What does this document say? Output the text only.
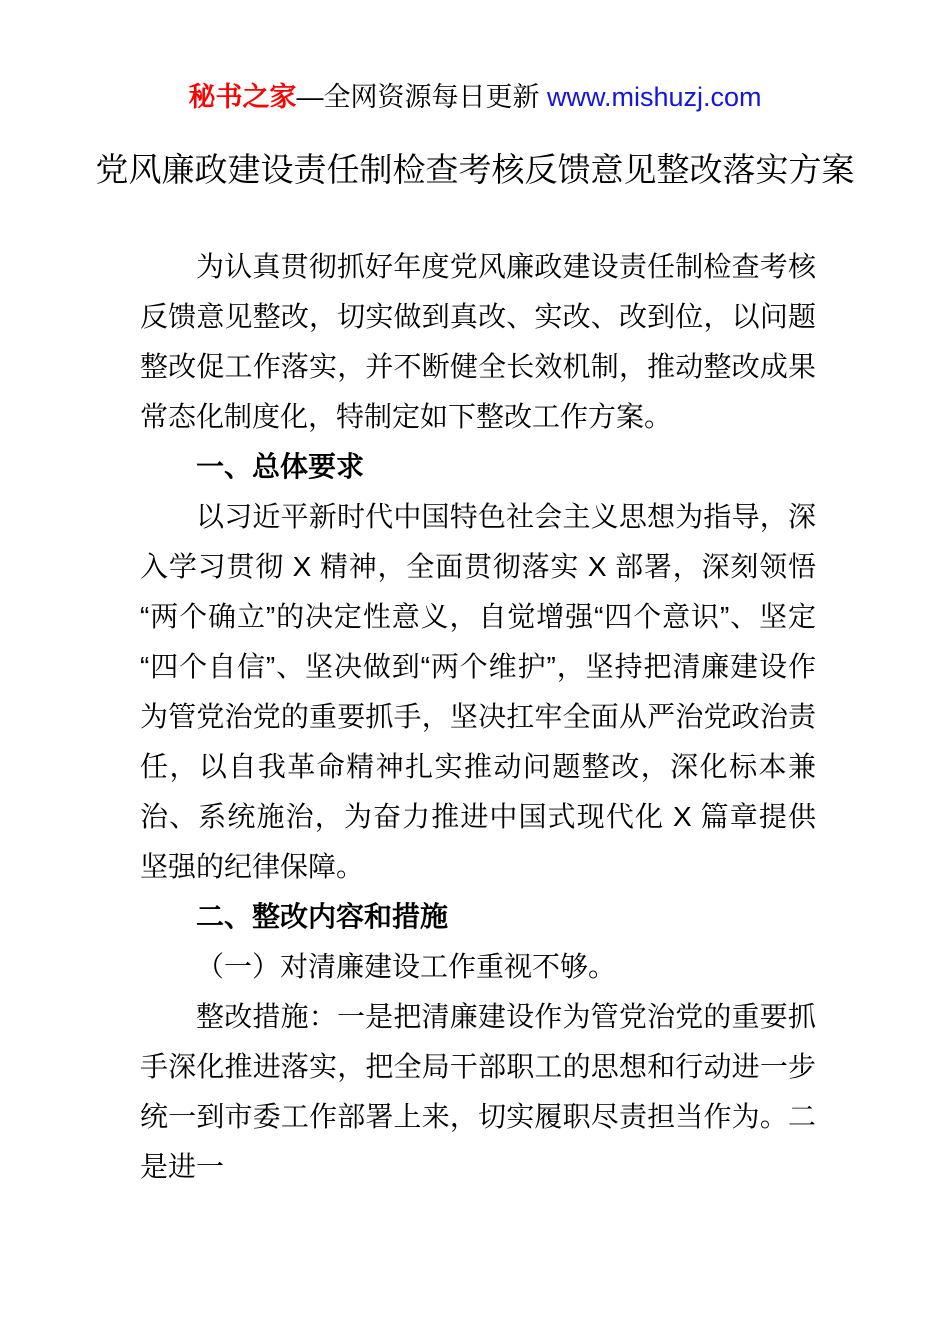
秘书之家—全网资源每日更新 www.mishuzj.com
党风廉政建设责任制检查考核反馈意见整改落实方案

为认真贯彻抓好年度党风廉政建设责任制检查考核反馈意见整改，切实做到真改、实改、改到位，以问题整改促工作落实，并不断健全长效机制，推动整改成果常态化制度化，特制定如下整改工作方案。

一、总体要求

以习近平新时代中国特色社会主义思想为指导，深入学习贯彻 X 精神，全面贯彻落实 X 部署，深刻领悟“两个确立”的决定性意义，自觉增强“四个意识”、坚定“四个自信”、坚决做到“两个维护”，坚持把清廉建设作为管党治党的重要抓手，坚决扛牢全面从严治党政治责任，以自我革命精神扎实推动问题整改，深化标本兼治、系统施治，为奋力推进中国式现代化 X 篇章提供坚强的纪律保障。

二、整改内容和措施

（一）对清廉建设工作重视不够。

整改措施：一是把清廉建设作为管党治党的重要抓手深化推进落实，把全局干部职工的思想和行动进一步统一到市委工作部署上来，切实履职尽责担当作为。二是进一
